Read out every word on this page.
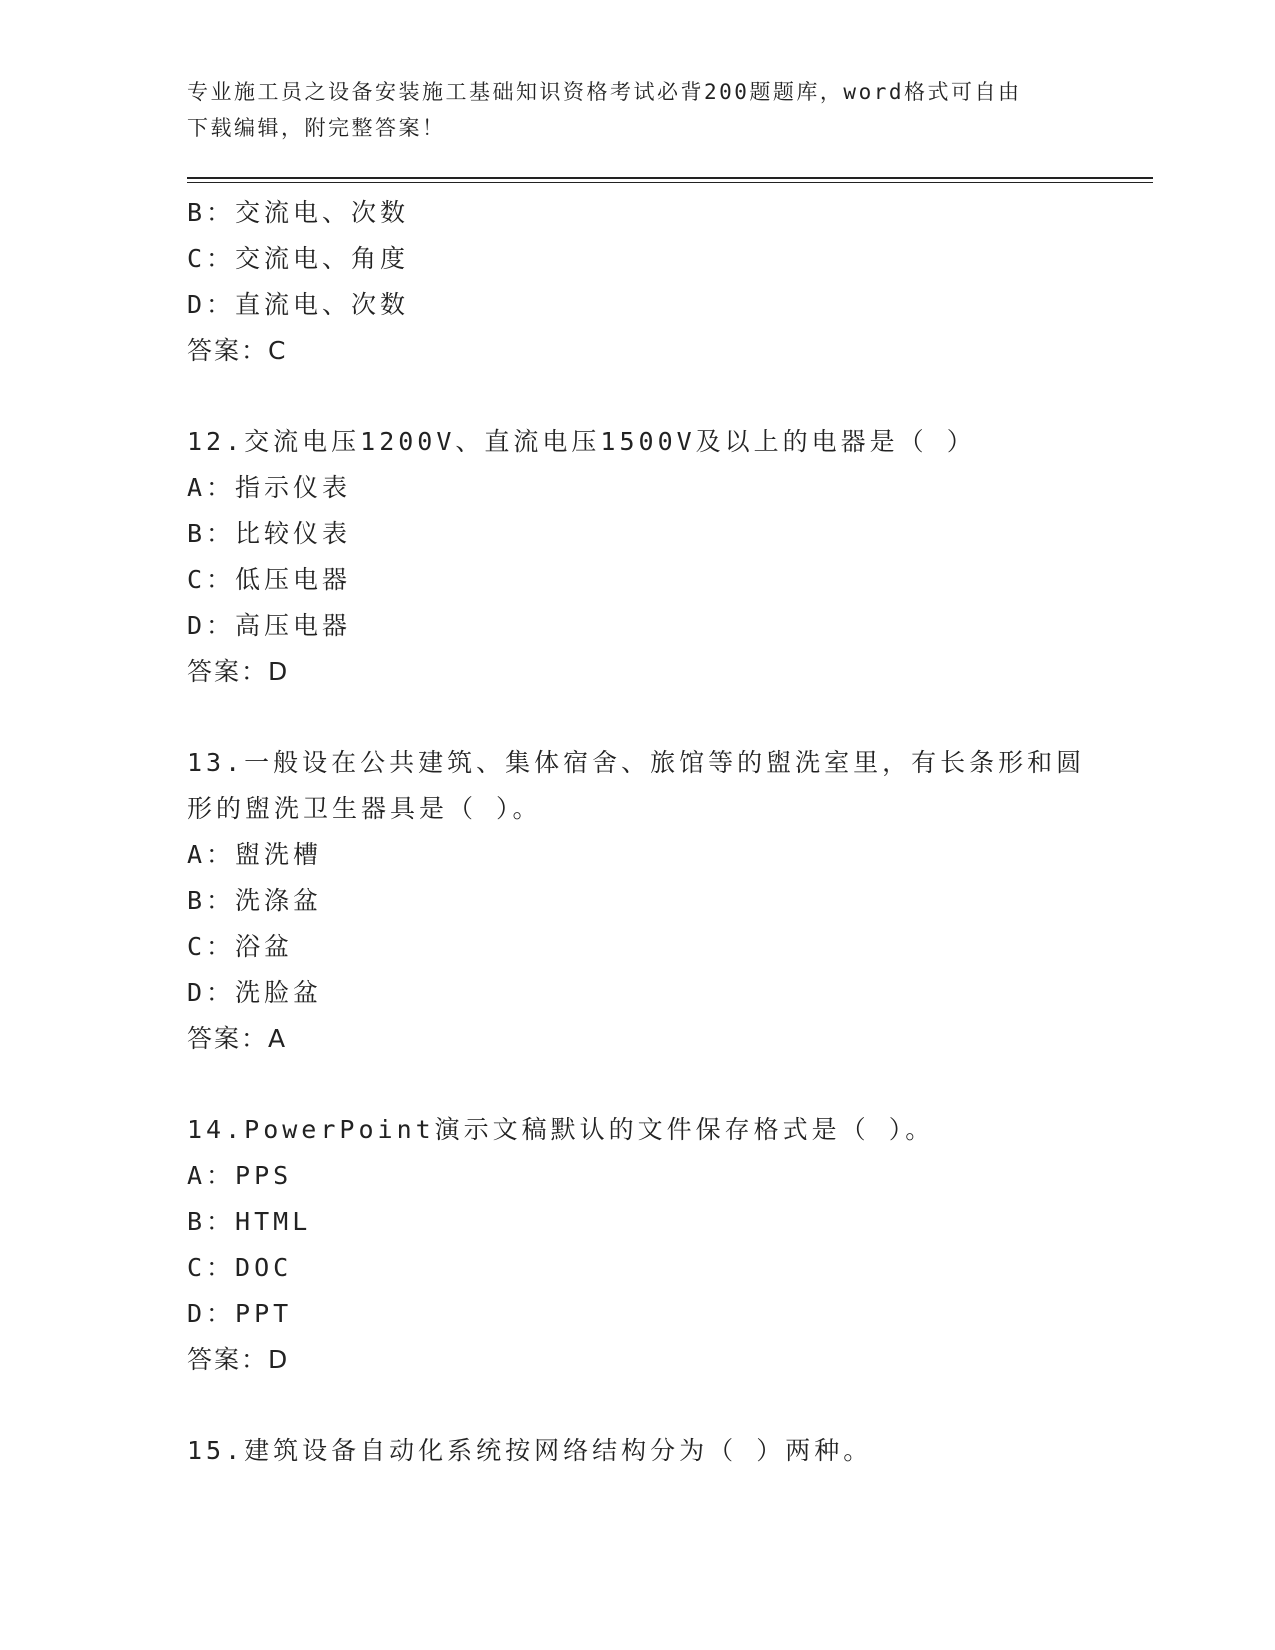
专业施工员之设备安装施工基础知识资格考试必背200题题库，word格式可自由
下载编辑，附完整答案！
B：交流电、次数
C：交流电、角度
D：直流电、次数
答案：C
12.交流电压1200V、直流电压1500V及以上的电器是（ ）
A：指示仪表
B：比较仪表
C：低压电器
D：高压电器
答案：D
13.一般设在公共建筑、集体宿舍、旅馆等的盥洗室里，有长条形和圆
形的盥洗卫生器具是（ ）。
A：盥洗槽
B：洗涤盆
C：浴盆
D：洗脸盆
答案：A
14.PowerPoint演示文稿默认的文件保存格式是（ ）。
A：PPS
B：HTML
C：DOC
D：PPT
答案：D
15.建筑设备自动化系统按网络结构分为（ ）两种。
